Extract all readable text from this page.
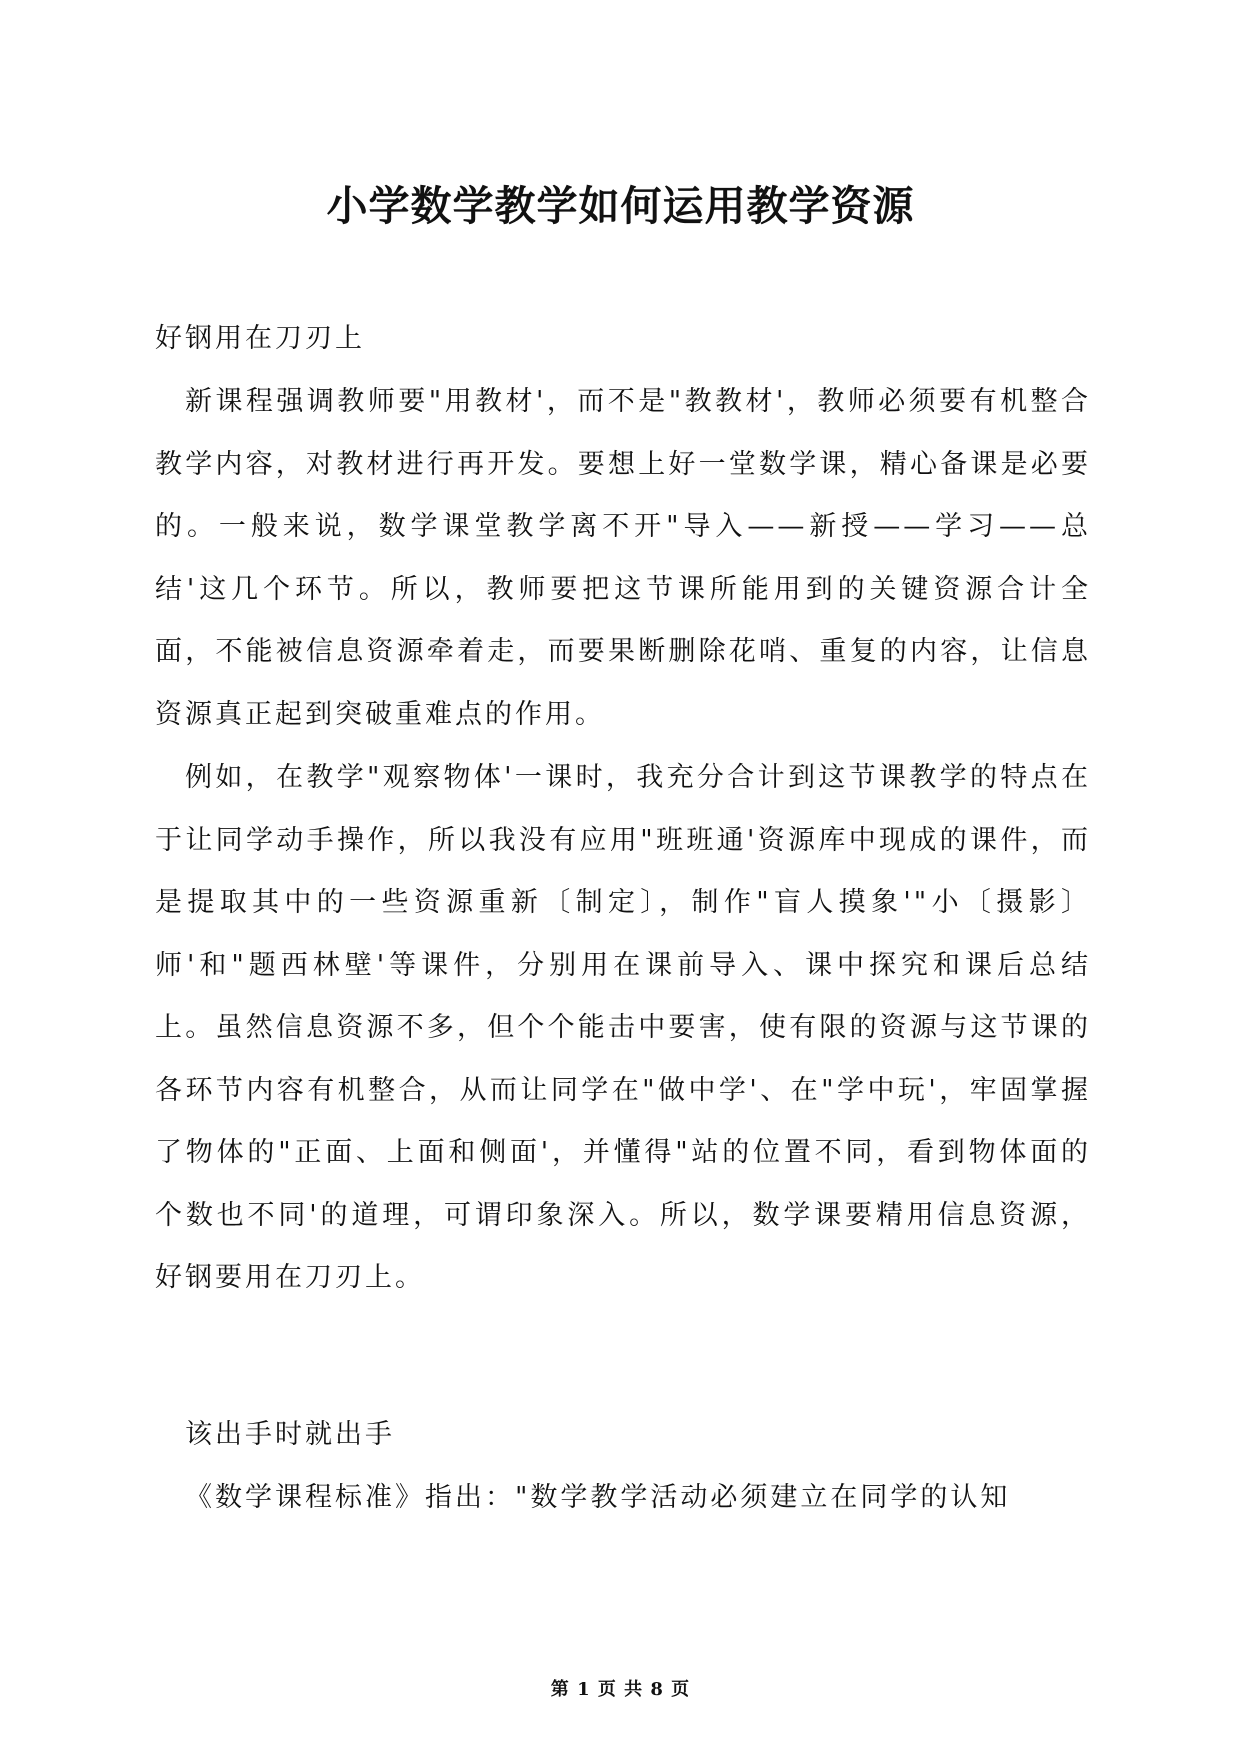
小学数学教学如何运用教学资源

好钢用在刀刃上

新课程强调教师要"用教材'，而不是"教教材'，教师必须要有机整合教学内容，对教材进行再开发。要想上好一堂数学课，精心备课是必要的。一般来说，数学课堂教学离不开"导入——新授——学习——总结'这几个环节。所以，教师要把这节课所能用到的关键资源合计全面，不能被信息资源牵着走，而要果断删除花哨、重复的内容，让信息资源真正起到突破重难点的作用。

例如，在教学"观察物体'一课时，我充分合计到这节课教学的特点在于让同学动手操作，所以我没有应用"班班通'资源库中现成的课件，而是提取其中的一些资源重新〔制定〕，制作"盲人摸象'"小〔摄影〕师'和"题西林壁'等课件，分别用在课前导入、课中探究和课后总结上。虽然信息资源不多，但个个能击中要害，使有限的资源与这节课的各环节内容有机整合，从而让同学在"做中学'、在"学中玩'，牢固掌握了物体的"正面、上面和侧面'，并懂得"站的位置不同，看到物体面的个数也不同'的道理，可谓印象深入。所以，数学课要精用信息资源，好钢要用在刀刃上。

该出手时就出手

《数学课程标准》指出："数学教学活动必须建立在同学的认知

第 1 页 共 8 页
